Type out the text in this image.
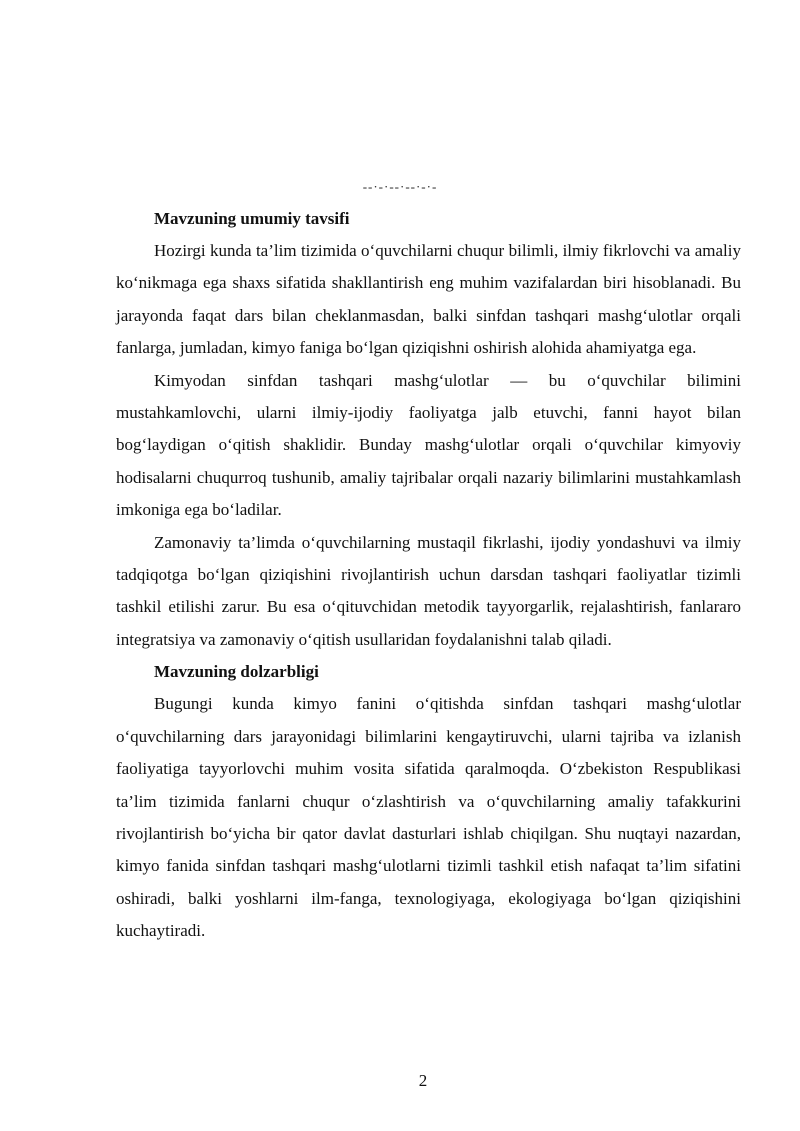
--·-·--·--·-·-

Mavzuning umumiy tavsifi

Hozirgi kunda ta’lim tizimida o‘quvchilarni chuqur bilimli, ilmiy fikrlovchi va amaliy ko‘nikmaga ega shaxs sifatida shakllantirish eng muhim vazifalardan biri hisoblanadi. Bu jarayonda faqat dars bilan cheklanmasdan, balki sinfdan tashqari mashg‘ulotlar orqali fanlarga, jumladan, kimyo faniga bo‘lgan qiziqishni oshirish alohida ahamiyatga ega.

Kimyodan sinfdan tashqari mashg‘ulotlar — bu o‘quvchilar bilimini mustahkamlovchi, ularni ilmiy-ijodiy faoliyatga jalb etuvchi, fanni hayot bilan bog‘laydigan o‘qitish shaklidir. Bunday mashg‘ulotlar orqali o‘quvchilar kimyoviy hodisalarni chuqurroq tushunib, amaliy tajribalar orqali nazariy bilimlarini mustahkamlash imkoniga ega bo‘ladilar.

Zamonaviy ta’limda o‘quvchilarning mustaqil fikrlashi, ijodiy yondashuvi va ilmiy tadqiqotga bo‘lgan qiziqishini rivojlantirish uchun darsdan tashqari faoliyatlar tizimli tashkil etilishi zarur. Bu esa o‘qituvchidan metodik tayyorgarlik, rejalashtirish, fanlararo integratsiya va zamonaviy o‘qitish usullaridan foydalanishni talab qiladi.

Mavzuning dolzarbligi

Bugungi kunda kimyo fanini o‘qitishda sinfdan tashqari mashg‘ulotlar o‘quvchilarning dars jarayonidagi bilimlarini kengaytiruvchi, ularni tajriba va izlanish faoliyatiga tayyorlovchi muhim vosita sifatida qaralmoqda. O‘zbekiston Respublikasi ta’lim tizimida fanlarni chuqur o‘zlashtirish va o‘quvchilarning amaliy tafakkurini rivojlantirish bo‘yicha bir qator davlat dasturlari ishlab chiqilgan. Shu nuqtayi nazardan, kimyo fanida sinfdan tashqari mashg‘ulotlarni tizimli tashkil etish nafaqat ta’lim sifatini oshiradi, balki yoshlarni ilm-fanga, texnologiyaga, ekologiyaga bo‘lgan qiziqishini kuchaytiradi.

2
